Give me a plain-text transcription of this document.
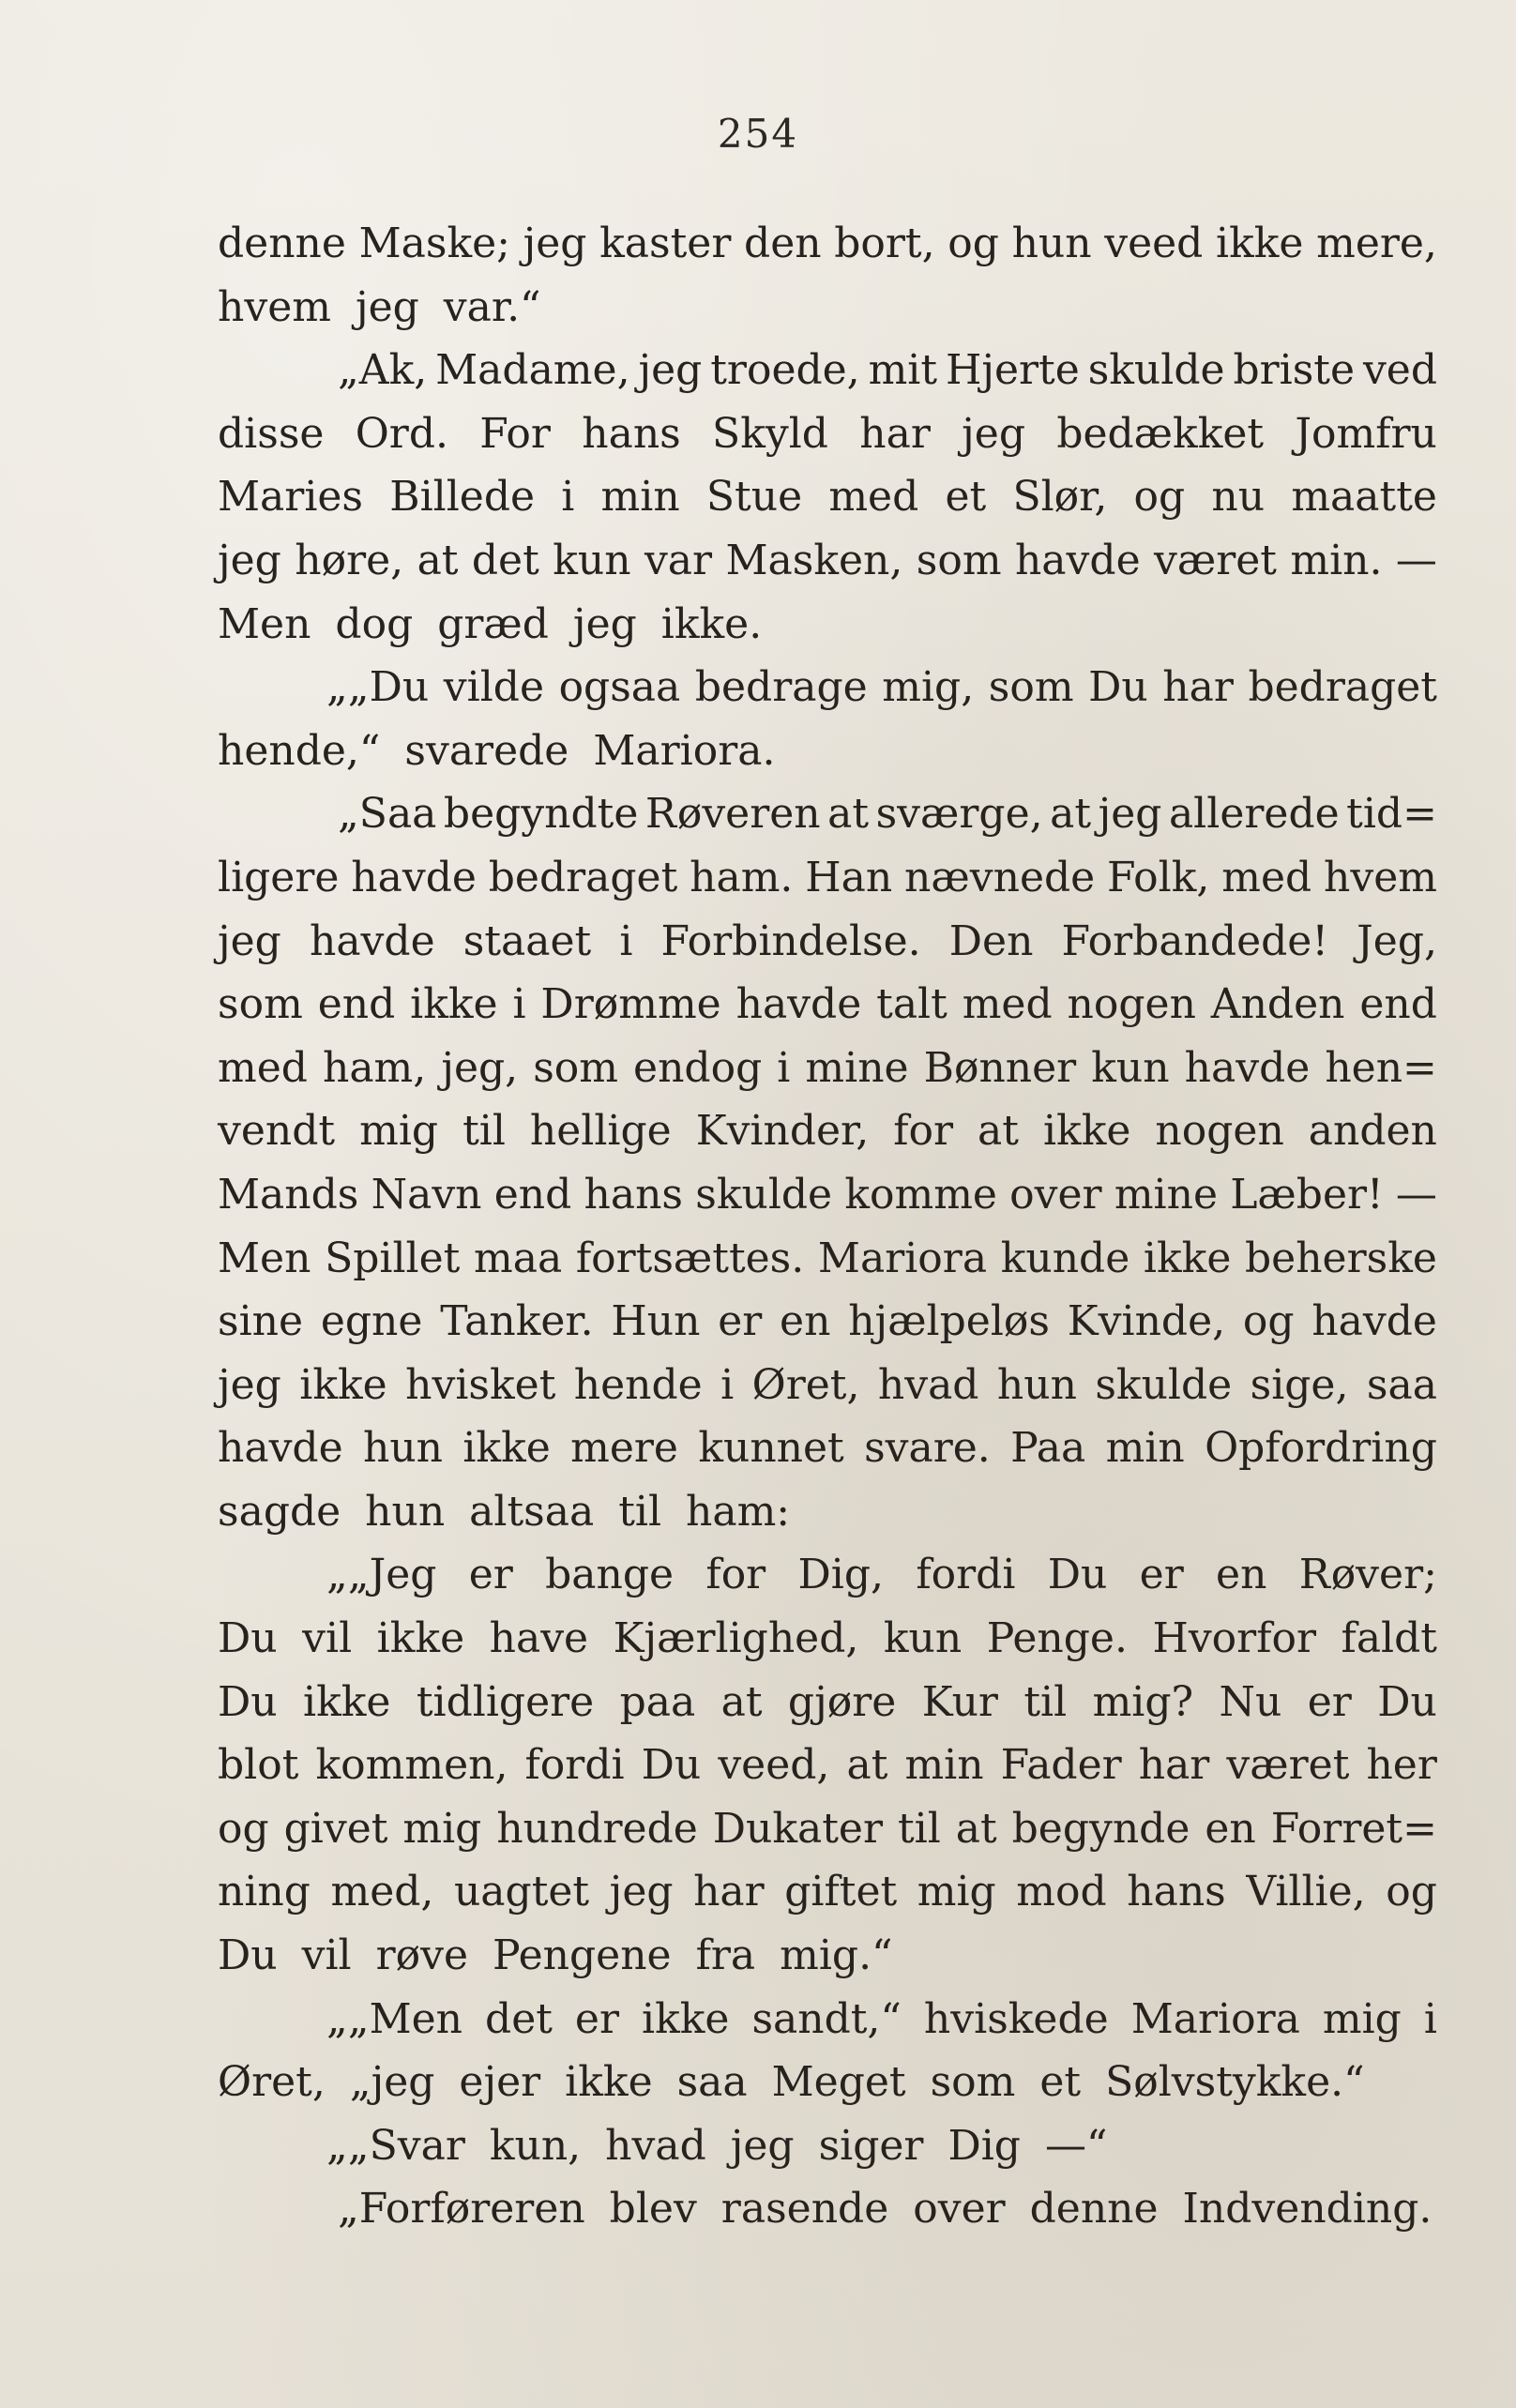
254
denne Maske; jeg kaster den bort, og hun veed ikke mere,
hvem jeg var.“
„Ak, Madame, jeg troede, mit Hjerte skulde briste ved
disse Ord. For hans Skyld har jeg bedækket Jomfru
Maries Billede i min Stue med et Slør, og nu maatte
jeg høre, at det kun var Masken, som havde været min. —
Men dog græd jeg ikke.
„„Du vilde ogsaa bedrage mig, som Du har bedraget
hende,“ svarede Mariora.
„Saa begyndte Røveren at sværge, at jeg allerede tid=
ligere havde bedraget ham. Han nævnede Folk, med hvem
jeg havde staaet i Forbindelse. Den Forbandede! Jeg,
som end ikke i Drømme havde talt med nogen Anden end
med ham, jeg, som endog i mine Bønner kun havde hen=
vendt mig til hellige Kvinder, for at ikke nogen anden
Mands Navn end hans skulde komme over mine Læber! —
Men Spillet maa fortsættes. Mariora kunde ikke beherske
sine egne Tanker. Hun er en hjælpeløs Kvinde, og havde
jeg ikke hvisket hende i Øret, hvad hun skulde sige, saa
havde hun ikke mere kunnet svare. Paa min Opfordring
sagde hun altsaa til ham:
„„Jeg er bange for Dig, fordi Du er en Røver;
Du vil ikke have Kjærlighed, kun Penge. Hvorfor faldt
Du ikke tidligere paa at gjøre Kur til mig? Nu er Du
blot kommen, fordi Du veed, at min Fader har været her
og givet mig hundrede Dukater til at begynde en Forret=
ning med, uagtet jeg har giftet mig mod hans Villie, og
Du vil røve Pengene fra mig.“
„„Men det er ikke sandt,“ hviskede Mariora mig i
Øret, „jeg ejer ikke saa Meget som et Sølvstykke.“
„„Svar kun, hvad jeg siger Dig —“
„Forføreren blev rasende over denne Indvending.
